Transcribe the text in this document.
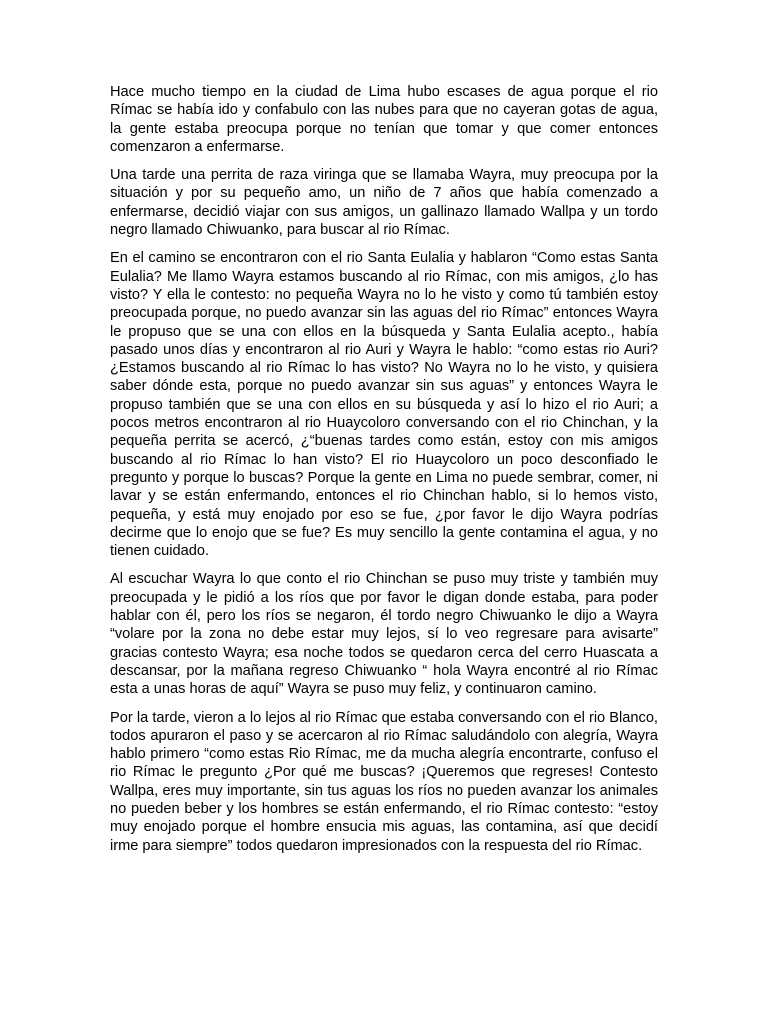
Hace mucho tiempo en la ciudad de Lima hubo escases de agua porque el rio Rímac se había ido y confabulo con las nubes para que no cayeran gotas de agua, la gente estaba preocupa porque no tenían que tomar y que comer entonces comenzaron a enfermarse.

Una tarde una perrita de raza viringa que se llamaba Wayra, muy preocupa por la situación y por su pequeño amo, un niño de 7 años que había comenzado a enfermarse, decidió viajar con sus amigos, un gallinazo llamado Wallpa y un tordo negro llamado Chiwuanko, para buscar al rio Rímac.

En el camino se encontraron con el rio Santa Eulalia y hablaron “Como estas Santa Eulalia? Me llamo Wayra estamos buscando al rio Rímac, con mis amigos, ¿lo has visto? Y ella le contesto: no pequeña Wayra no lo he visto y como tú también estoy preocupada porque, no puedo avanzar sin las aguas del rio Rímac” entonces Wayra le propuso que se una con ellos en la búsqueda y Santa Eulalia acepto., había pasado unos días y encontraron al rio Auri y Wayra le hablo: “como estas rio Auri? ¿Estamos buscando al rio Rímac lo has visto? No Wayra no lo he visto, y quisiera saber dónde esta, porque no puedo avanzar sin sus aguas” y entonces Wayra le propuso también que se una con ellos en su búsqueda y así lo hizo el rio Auri; a pocos metros encontraron al rio Huaycoloro conversando con el rio Chinchan, y la pequeña perrita se acercó, ¿“buenas tardes como están, estoy con mis amigos buscando al rio Rímac lo han visto? El rio Huaycoloro un poco desconfiado le pregunto y porque lo buscas? Porque la gente en Lima no puede sembrar, comer, ni lavar y se están enfermando, entonces el rio Chinchan hablo, si lo hemos visto, pequeña, y está muy enojado por eso se fue, ¿por favor le dijo Wayra podrías decirme que lo enojo que se fue? Es muy sencillo la gente contamina el agua, y no tienen cuidado.

Al escuchar Wayra lo que conto el rio Chinchan se puso muy triste y también muy preocupada y le pidió a los ríos que por favor le digan donde estaba, para poder hablar con él, pero los ríos se negaron, él tordo negro Chiwuanko le dijo a Wayra “volare por la zona no debe estar muy lejos, sí lo veo regresare para avisarte” gracias contesto Wayra; esa noche todos se quedaron cerca del cerro Huascata a descansar, por la mañana regreso Chiwuanko “ hola Wayra encontré al rio Rímac esta a unas horas de aquí” Wayra se puso muy feliz, y continuaron camino.

Por la tarde, vieron a lo lejos al rio Rímac que estaba conversando con el rio Blanco, todos apuraron el paso y se acercaron al rio Rímac saludándolo con alegría, Wayra hablo primero “como estas Rio Rímac, me da mucha alegría encontrarte, confuso el rio Rímac le pregunto ¿Por qué me buscas? ¡Queremos que regreses! Contesto Wallpa, eres muy importante, sin tus aguas los ríos no pueden avanzar los animales no pueden beber y los hombres se están enfermando, el rio Rímac contesto: “estoy muy enojado porque el hombre ensucia mis aguas, las contamina, así que decidí irme para siempre” todos quedaron impresionados con la respuesta del rio Rímac.
